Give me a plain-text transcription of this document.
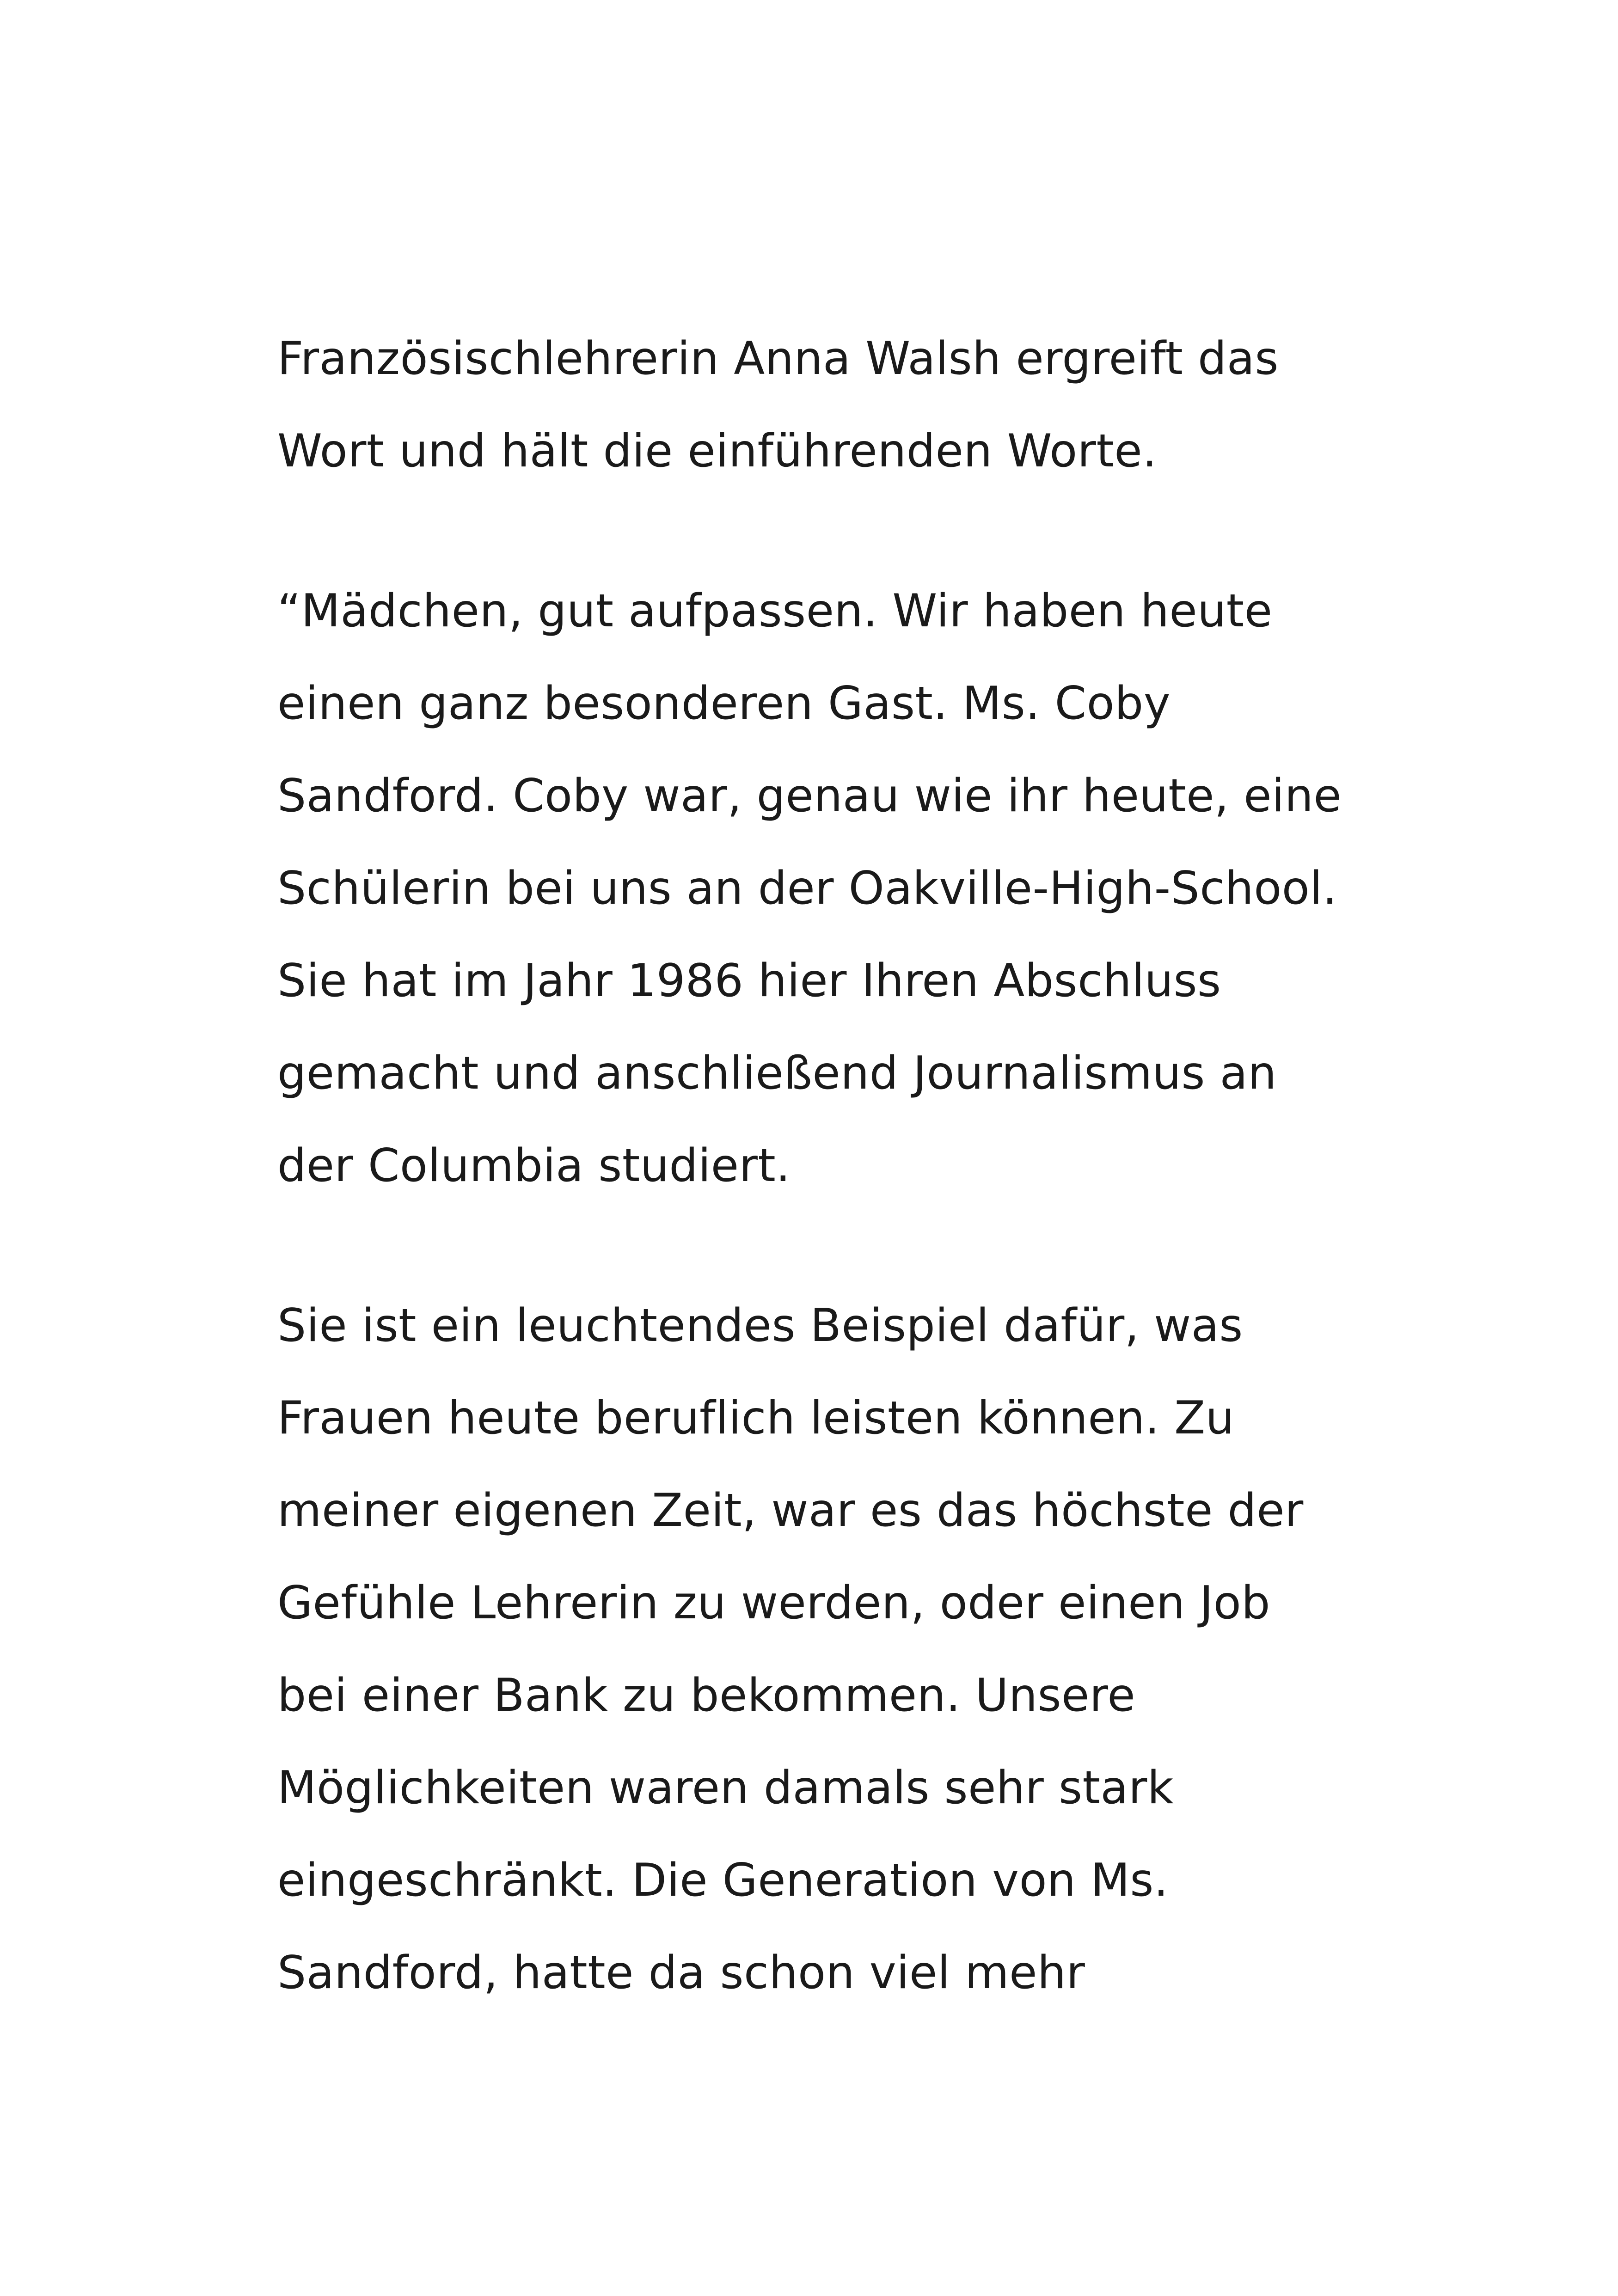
Französischlehrerin Anna Walsh ergreift das
Wort und hält die einführenden Worte.
“Mädchen, gut aufpassen. Wir haben heute
einen ganz besonderen Gast. Ms. Coby
Sandford. Coby war, genau wie ihr heute, eine
Schülerin bei uns an der Oakville-High-School.
Sie hat im Jahr 1986 hier Ihren Abschluss
gemacht und anschließend Journalismus an
der Columbia studiert.
Sie ist ein leuchtendes Beispiel dafür, was
Frauen heute beruflich leisten können. Zu
meiner eigenen Zeit, war es das höchste der
Gefühle Lehrerin zu werden, oder einen Job
bei einer Bank zu bekommen. Unsere
Möglichkeiten waren damals sehr stark
eingeschränkt. Die Generation von Ms.
Sandford, hatte da schon viel mehr
